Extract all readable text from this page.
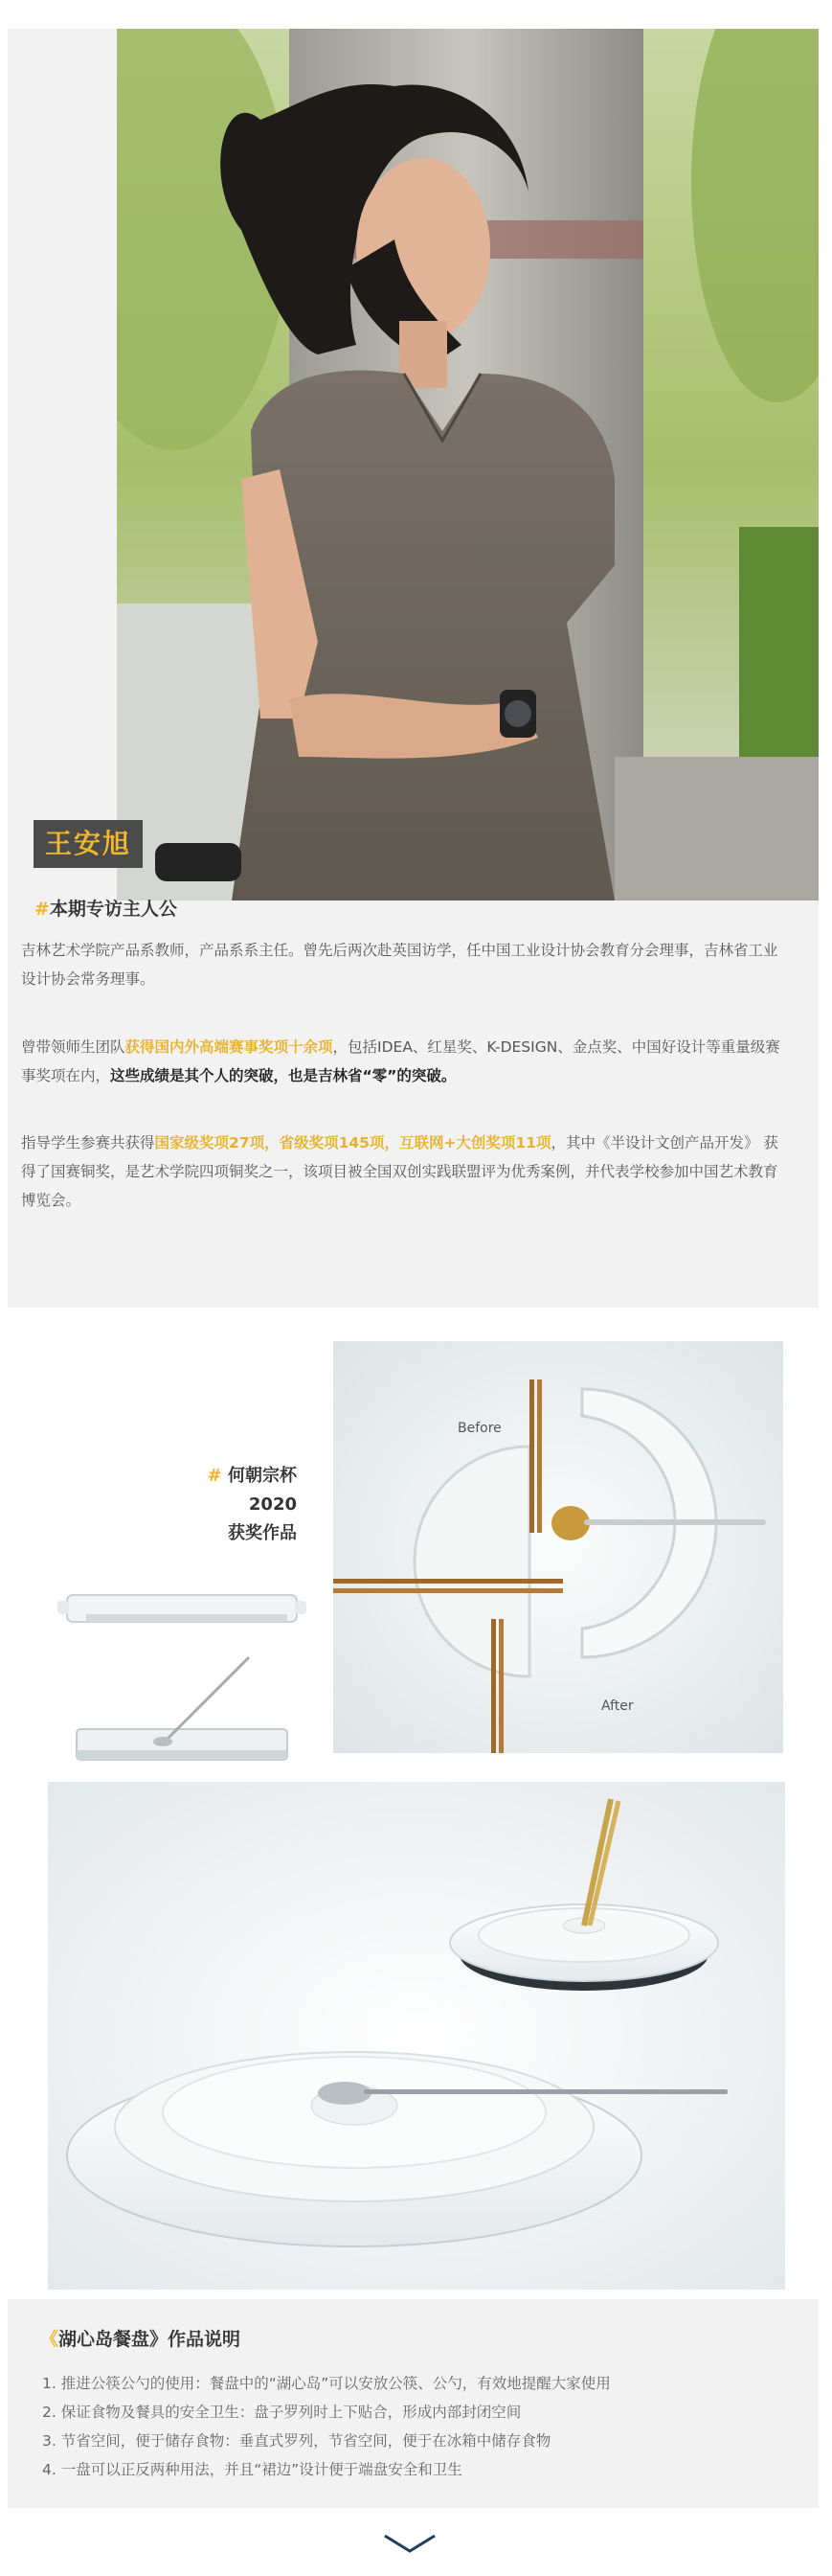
王安旭
#本期专访主人公

吉林艺术学院产品系教师，产品系系主任。曾先后两次赴英国访学，任中国工业设计协会教育分会理事，吉林省工业设计协会常务理事。

曾带领师生团队获得国内外高端赛事奖项十余项，包括IDEA、红星奖、K-DESIGN、金点奖、中国好设计等重量级赛事奖项在内，这些成绩是其个人的突破，也是吉林省“零”的突破。

指导学生参赛共获得国家级奖项27项，省级奖项145项，互联网+大创奖项11项，其中《半设计文创产品开发》 获得了国赛铜奖，是艺术学院四项铜奖之一，该项目被全国双创实践联盟评为优秀案例，并代表学校参加中国艺术教育博览会。

# 何朝宗杯
2020
获奖作品
Before
After
《湖心岛餐盘》作品说明
1. 推进公筷公勺的使用：餐盘中的“湖心岛”可以安放公筷、公勺，有效地提醒大家使用
2. 保证食物及餐具的安全卫生：盘子罗列时上下贴合，形成内部封闭空间
3. 节省空间，便于储存食物：垂直式罗列，节省空间，便于在冰箱中储存食物
4. 一盘可以正反两种用法，并且“裙边”设计便于端盘安全和卫生
